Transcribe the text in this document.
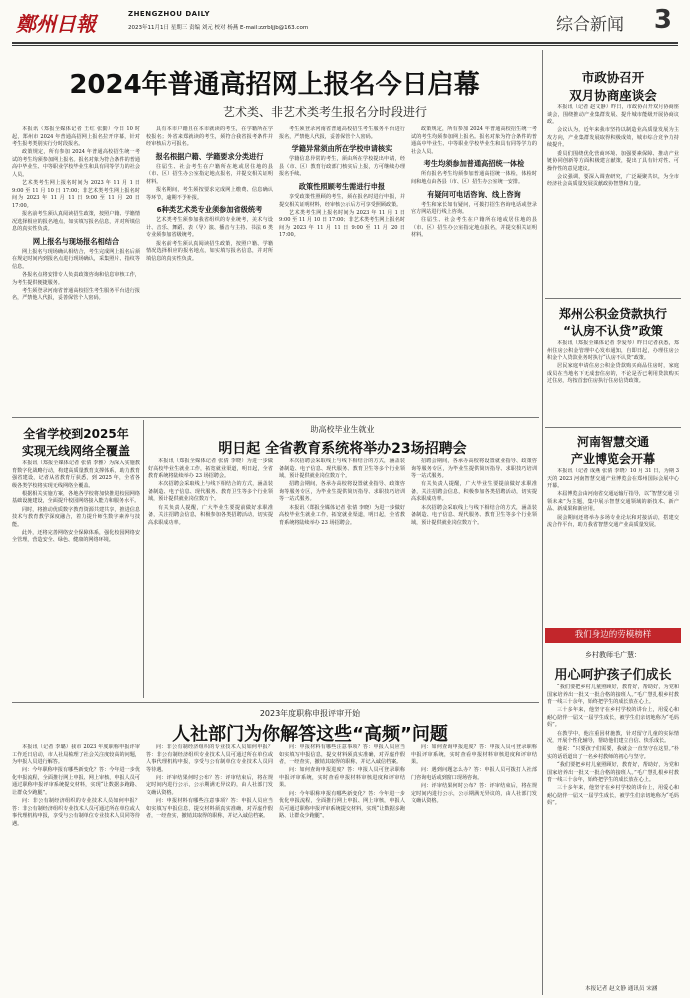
鄭州日報	ZHENGZHOU DAILY
2023年11月1日 星期三 责编 刘元 校对 杨燕 E-mail:zzrbljjb@163.com	综合新闻 3
2024年普通高招网上报名今日启幕
艺术类、非艺术类考生报名分时段进行

本报讯（郑报全媒体记者 王红 张勤）今日 10 时起，郑州市 2024 年普通高招网上报名拉开序幕，针对考生报考类别实行分时段报名。

政策规定，所有参加 2024 年普通高校招生统一考试的考生均须参加网上报名。报名对象为符合条件的普通高中毕业生、中等职业学校毕业生和具有同等学力的社会人员。

艺术类考生网上报名时间为 2023 年 11 月 1 日 9:00 至 11 月 10 日 17:00；非艺术类考生网上报名时间为 2023 年 11 月 11 日 9:00 至 11 月 20 日 17:00。

报名前考生须认真阅读招生政策，按照户籍、学籍情况选择相应的报名地点，如实填写报名信息，并对所填信息的真实性负责。

网上报名与现场报名相结合

网上报名与现场确认相结合，考生完成网上报名后须在规定时间内到报名点进行现场确认，采集照片、指纹等信息。

各报名点将安排专人负责政策咨询和信息审核工作，为考生提供便捷服务。

考生须登录河南省普通高校招生考生服务平台进行报名，严禁他人代报，妥善保管个人密码。

具有本市户籍且在本市就读的考生，在学籍所在学校报名；外省来郑就读的考生，须符合我省报考条件并经审核后方可报名。

报名根据户籍、学籍要求分类进行

往届生、社会考生在户籍所在地或居住地的县（市、区）招生办公室指定地点报名，并提交相关证明材料。

报名期间，考生须按要求完成网上缴费、信息确认等环节，逾期不予补报。

6种类艺术类专业须参加省级统考

艺术类考生须参加我省组织的专业统考，美术与设计、音乐、舞蹈、表（导）演、播音与主持、书法 6 类专业须参加省级统考。

报名前考生须认真阅读招生政策，按照户籍、学籍情况选择相应的报名地点，如实填写报名信息，并对所填信息的真实性负责。

考生须登录河南省普通高校招生考生服务平台进行报名，严禁他人代报，妥善保管个人密码。

学籍异常须由所在学校申请核实

学籍信息异常的考生，须由所在学校提出申请，经县（市、区）教育行政部门核实后上报，方可继续办理报名手续。

政策性照顾考生需进行申报

享受政策性照顾的考生，须在报名时进行申报，并提交相关证明材料，经审核公示后方可享受照顾政策。

艺术类考生网上报名时间为 2023 年 11 月 1 日 9:00 至 11 月 10 日 17:00；非艺术类考生网上报名时间为 2023 年 11 月 11 日 9:00 至 11 月 20 日 17:00。

政策规定，所有参加 2024 年普通高校招生统一考试的考生均须参加网上报名。报名对象为符合条件的普通高中毕业生、中等职业学校毕业生和具有同等学力的社会人员。

考生均须参加普通高招统一体检

所有报名考生均须参加普通高招统一体检，体检时间和地点由各县（市、区）招生办公室统一安排。

有疑问可电话咨询、线上咨询

考生和家长如有疑问，可拨打招生咨询电话或登录官方网站进行线上咨询。

往届生、社会考生在户籍所在地或居住地的县（市、区）招生办公室指定地点报名，并提交相关证明材料。

市政协召开
双月协商座谈会

本报讯（记者 赵文静）昨日，市政协召开双月协商座谈会，围绕推动产业集群发展、提升城市能级开展协商议政。

会议认为，近年来我市坚持以制造业高质量发展为主攻方向，产业集群发展取得积极成效，城市综合竞争力持续提升。

委员们围绕优化营商环境、加强要素保障、推动产业链协同创新等方面积极建言献策，提出了具有针对性、可操作性的意见建议。

会议强调，要深入调查研究，广泛凝聚共识，为全市经济社会高质量发展贡献政协智慧和力量。

郑州公积金贷款执行
“认房不认贷”政策

本报讯（郑报全媒体记者 李爱琴）昨日记者获悉，郑州住房公积金管理中心发布通知，自即日起，办理住房公积金个人贷款业务时执行“认房不认贷”政策。

居民家庭申请住房公积金贷款购买商品住房时，家庭成员在当地名下无成套住房的，不论是否已利用贷款购买过住房，均按首套住房执行住房信贷政策。

河南智慧交通
产业博览会开幕

本报讯（记者 成燕 张倩 李晓）10 月 31 日，为期 3 天的 2023 河南智慧交通产业博览会在郑州国际会展中心开幕。

本届博览会由河南省交通运输厅指导，以“智慧交通 引领未来”为主题，集中展示智慧交通领域的新技术、新产品、新成果和新应用。

展会期间还将举办多场专业论坛和对接活动，搭建交流合作平台，助力我省智慧交通产业高质量发展。

全省学校到2025年
实现无线网络全覆盖

本报讯（郑报全媒体记者 张倩 李雅）为深入实施教育数字化战略行动，构建高质量教育支撑体系，助力教育强省建设，记者从省教育厅获悉，到 2025 年，全省各级各类学校将实现无线网络全覆盖。

根据相关实施方案，各地各学校将加快推进校园网络基础设施建设，全面提升校园网络接入能力和服务水平。

同时，将推动优质数字教育资源共建共享，推进信息技术与教育教学深度融合，着力提升师生数字素养与技能。

此外，还将完善网络安全保障体系，强化校园网络安全管理，营造安全、绿色、健康的网络环境。

助高校毕业生就业
明日起 全省教育系统将举办23场招聘会

本报讯（郑报全媒体记者 张倩 李晓）为进一步做好高校毕业生就业工作，拓宽就业渠道，明日起，全省教育系统将陆续举办 23 场招聘会。

本次招聘会采取线上与线下相结合的方式，涵盖装备制造、电子信息、现代服务、教育卫生等多个行业领域，预计提供就业岗位数万个。

有关负责人提醒，广大毕业生要提前做好求职准备，关注招聘会信息，积极参加各类招聘活动，切实提高求职成功率。

本次招聘会采取线上与线下相结合的方式，涵盖装备制造、电子信息、现代服务、教育卫生等多个行业领域，预计提供就业岗位数万个。

招聘会期间，各承办高校将设置就业指导、政策咨询等服务专区，为毕业生提供简历指导、求职技巧培训等一站式服务。

本报讯（郑报全媒体记者 张倩 李晓）为进一步做好高校毕业生就业工作，拓宽就业渠道，明日起，全省教育系统将陆续举办 23 场招聘会。

招聘会期间，各承办高校将设置就业指导、政策咨询等服务专区，为毕业生提供简历指导、求职技巧培训等一站式服务。

有关负责人提醒，广大毕业生要提前做好求职准备，关注招聘会信息，积极参加各类招聘活动，切实提高求职成功率。

本次招聘会采取线上与线下相结合的方式，涵盖装备制造、电子信息、现代服务、教育卫生等多个行业领域，预计提供就业岗位数万个。

2023年度职称申报评审开始
人社部门为你解答这些“高频”问题

本报讯（记者 李璐）我市 2023 年度职称申报评审工作近日启动，市人社局梳理了社会关注度较高的问题，为申报人员进行解答。

问：今年职称申报有哪些新变化？答：今年进一步优化申报流程，全面推行网上申报、网上审核，申报人员可通过职称申报评审系统提交材料，实现“让数据多跑路、让群众少跑腿”。

问：非公有制经济组织的专业技术人员如何申报？答：非公有制经济组织专业技术人员可通过所在单位或人事代理机构申报，享受与公有制单位专业技术人员同等待遇。

问：非公有制经济组织的专业技术人员如何申报？答：非公有制经济组织专业技术人员可通过所在单位或人事代理机构申报，享受与公有制单位专业技术人员同等待遇。

问：评审结果何时公布？答：评审结束后，将在规定时间内进行公示，公示期满无异议的，由人社部门发文确认资格。

问：申报材料有哪些注意事项？答：申报人员应当如实填写申报信息，提交材料须真实准确，对弄虚作假者，一经查实，撤销其取得的职称，并记入诚信档案。

问：申报材料有哪些注意事项？答：申报人员应当如实填写申报信息，提交材料须真实准确，对弄虚作假者，一经查实，撤销其取得的职称，并记入诚信档案。

问：如何查询申报进度？答：申报人员可登录职称申报评审系统，实时查看申报材料审核进度和评审结果。

问：今年职称申报有哪些新变化？答：今年进一步优化申报流程，全面推行网上申报、网上审核，申报人员可通过职称申报评审系统提交材料，实现“让数据多跑路、让群众少跑腿”。

问：如何查询申报进度？答：申报人员可登录职称申报评审系统，实时查看申报材料审核进度和评审结果。

问：遇到问题怎么办？答：申报人员可拨打人社部门咨询电话或到窗口现场咨询。

问：评审结果何时公布？答：评审结束后，将在规定时间内进行公示，公示期满无异议的，由人社部门发文确认资格。

我们身边的劳模榜样
乡村教师毛广慧：
用心呵护孩子们成长

“我们要把乡村儿童照顾好，教育好，帮助好，为党和国家培养出一批又一批合格的接班人。”毛广慧扎根乡村教育一线三十余年，始终把学生的成长放在心上。

三十多年来，他坚守在乡村学校的讲台上，用爱心和耐心陪伴一届又一届学生成长，被学生们亲切地称为“毛妈妈”。

在教学中，他注重因材施教，针对留守儿童的实际情况，开展个性化辅导，帮助他们建立自信、快乐成长。

他说：“只要孩子们需要，我就会一直坚守在这里。”朴实的话语道出了一名乡村教师的初心与坚守。

“我们要把乡村儿童照顾好，教育好，帮助好，为党和国家培养出一批又一批合格的接班人。”毛广慧扎根乡村教育一线三十余年，始终把学生的成长放在心上。

三十多年来，他坚守在乡村学校的讲台上，用爱心和耐心陪伴一届又一届学生成长，被学生们亲切地称为“毛妈妈”。

本报记者 赵文静 通讯员 宋涵
